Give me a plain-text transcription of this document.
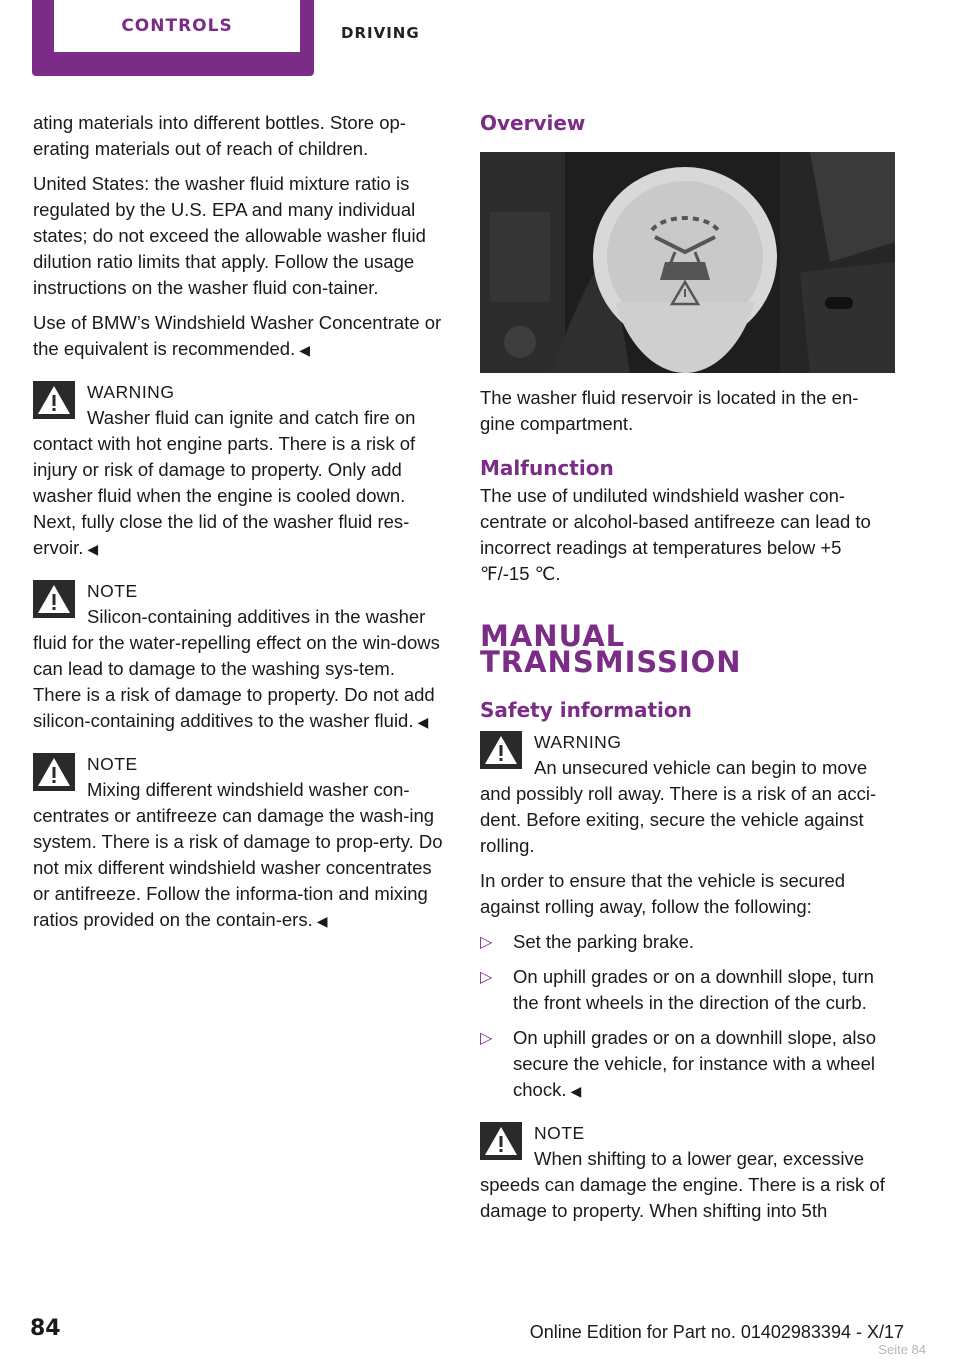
CONTROLS	DRIVING

ating materials into different bottles. Store op‐erating materials out of reach of children.

United States: the washer fluid mixture ratio is regulated by the U.S. EPA and many individual states; do not exceed the allowable washer fluid dilution ratio limits that apply. Follow the usage instructions on the washer fluid con‐tainer.

Use of BMW’s Windshield Washer Concentrate or the equivalent is recommended. ◀

WARNING
Washer fluid can ignite and catch fire on
contact with hot engine parts. There is a risk of injury or risk of damage to property. Only add washer fluid when the engine is cooled down. Next, fully close the lid of the washer fluid res‐ervoir. ◀
NOTE
Silicon-containing additives in the washer
fluid for the water-repelling effect on the win‐dows can lead to damage to the washing sys‐tem. There is a risk of damage to property. Do not add silicon-containing additives to the washer fluid. ◀
NOTE
Mixing different windshield washer con‐
centrates or antifreeze can damage the wash‐ing system. There is a risk of damage to prop‐erty. Do not mix different windshield washer concentrates or antifreeze. Follow the informa‐tion and mixing ratios provided on the contain‐ers. ◀
Overview

The washer fluid reservoir is located in the en‐gine compartment.

Malfunction

The use of undiluted windshield washer con‐centrate or alcohol-based antifreeze can lead to incorrect readings at temperatures below +5 ℉/-15 ℃.

MANUAL TRANSMISSION
Safety information
WARNING
An unsecured vehicle can begin to move
and possibly roll away. There is a risk of an acci‐dent. Before exiting, secure the vehicle against rolling.

In order to ensure that the vehicle is secured against rolling away, follow the following:

▷ Set the parking brake.
▷ On uphill grades or on a downhill slope, turn the front wheels in the direction of the curb.
▷ On uphill grades or on a downhill slope, also secure the vehicle, for instance with a wheel chock. ◀
NOTE
When shifting to a lower gear, excessive
speeds can damage the engine. There is a risk of damage to property. When shifting into 5th
84	Online Edition for Part no. 01402983394 - X/17
Seite 84
